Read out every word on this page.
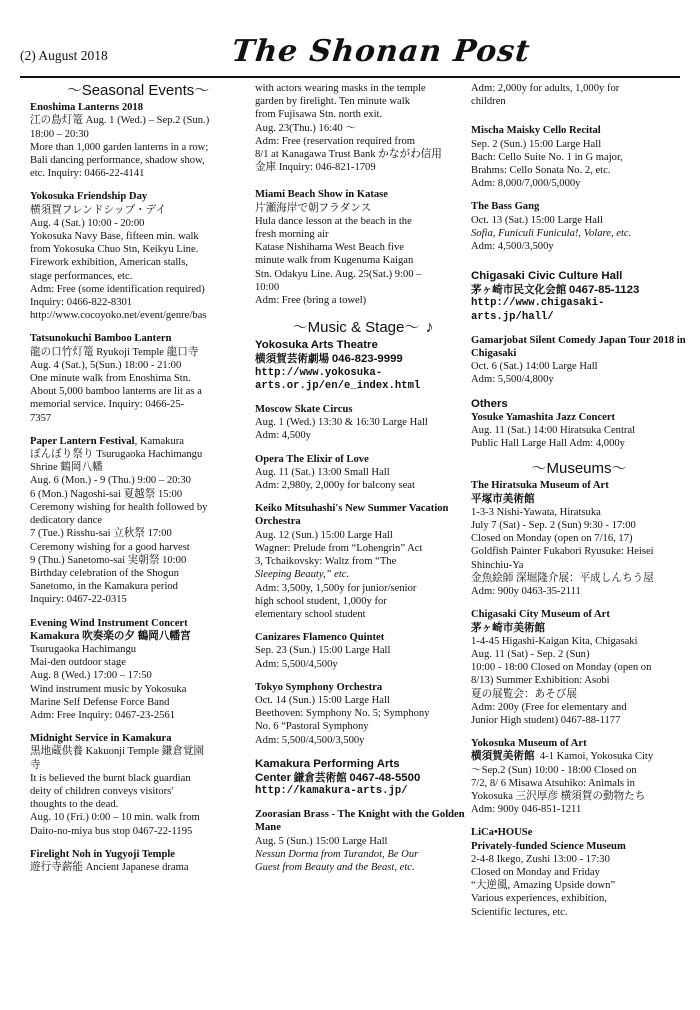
(2) August 2018	The Shonan Post
〜Seasonal Events〜
Enoshima Lanterns 2018
江の島灯篭 Aug. 1 (Wed.) – Sep.2 (Sun.)
18:00 – 20:30
More than 1,000 garden lanterns in a row;
Bali dancing performance, shadow show,
etc. Inquiry: 0466-22-4141
Yokosuka Friendship Day
横須賀フレンドシップ・デイ
Aug. 4 (Sat.) 10:00 - 20:00
Yokosuka Navy Base, fifteen min. walk
from Yokosuka Chuo Stn, Keikyu Line.
Firework exhibition, American stalls,
stage performances, etc.
Adm: Free (some identification required)
Inquiry: 0466-822-8301
http://www.cocoyoko.net/event/genre/bas
Tatsunokuchi Bamboo Lantern
龍の口竹灯篭 Ryukoji Temple 龍口寺
Aug. 4 (Sat.), 5(Sun.) 18:00 - 21:00
One minute walk from Enoshima Stn.
About 5,000 bamboo lanterns are lit as a
memorial service. Inquiry: 0466-25-
7357
Paper Lantern Festival, Kamakura
ぼんぼり祭り Tsurugaoka Hachimangu
Shrine 鶴岡八幡
Aug. 6 (Mon.) - 9 (Thu.) 9:00 – 20:30
6 (Mon.) Nagoshi-sai 夏越祭 15:00
Ceremony wishing for health followed by
dedicatory dance
7 (Tue.) Risshu-sai 立秋祭 17:00
Ceremony wishing for a good harvest
9 (Thu.) Sanetomo-sai 実朝祭 10:00
Birthday celebration of the Shogun
Sanetomo, in the Kamakura period
Inquiry: 0467-22-0315
Evening Wind Instrument Concert
Kamakura 吹奏楽の夕 鶴岡八幡宮
Tsurugaoka Hachimangu
Mai-den outdoor stage
Aug. 8 (Wed.) 17:00 – 17:50
Wind instrument music by Yokosuka
Marine Self Defense Force Band
Adm: Free Inquiry: 0467-23-2561
Midnight Service in Kamakura
黒地蔵供養 Kakuonji Temple 鎌倉覚園
寺
It is believed the burnt black guardian
deity of children conveys visitors'
thoughts to the dead.
Aug. 10 (Fri.) 0:00 – 10 min. walk from
Daito-no-miya bus stop 0467-22-1195
Firelight Noh in Yugyoji Temple
遊行寺薪能 Ancient Japanese drama
with actors wearing masks in the temple
garden by firelight. Ten minute walk
from Fujisawa Stn. north exit.
Aug. 23(Thu.) 16:40 〜
Adm: Free (reservation required from
8/1 at Kanagawa Trust Bank かながわ信用
金庫 Inquiry: 046-821-1709
Miami Beach Show in Katase
片瀬海岸で朝フラダンス
Hula dance lesson at the beach in the
fresh morning air
Katase Nishihama West Beach five
minute walk from Kugenuma Kaigan
Stn. Odakyu Line. Aug. 25(Sat.) 9:00 –
10:00
Adm: Free (bring a towel)
〜Music & Stage〜 ♪
Yokosuka Arts Theatre
横須賀芸術劇場 046-823-9999
http://www.yokosuka-
arts.or.jp/en/e_index.html
Moscow Skate Circus
Aug. 1 (Wed.) 13:30 & 16:30 Large Hall
Adm: 4,500y
Opera The Elixir of Love
Aug. 11 (Sat.) 13:00 Small Hall
Adm: 2,980y, 2,000y for balcony seat
Keiko Mitsuhashi's New Summer Vacation Orchestra
Aug. 12 (Sun.) 15:00 Large Hall
Wagner: Prelude from “Lohengrin” Act
3, Tchaikovsky: Waltz from “The
Sleeping Beauty,” etc.
Adm: 3,500y, 1,500y for junior/senior
high school student, 1,000y for
elementary school student
Canizares Flamenco Quintet
Sep. 23 (Sun.) 15:00 Large Hall
Adm: 5,500/4,500y
Tokyo Symphony Orchestra
Oct. 14 (Sun.) 15:00 Large Hall
Beethoven: Symphony No. 5; Symphony
No. 6 “Pastoral Symphony
Adm: 5,500/4,500/3,500y
Kamakura Performing Arts
Center 鎌倉芸術館 0467-48-5500
http://kamakura-arts.jp/
Zoorasian Brass - The Knight with the Golden Mane
Aug. 5 (Sun.) 15:00 Large Hall
Nessun Dorma from Turandot, Be Our
Guest from Beauty and the Beast, etc.
Adm: 2,000y for adults, 1,000y for
children
Mischa Maisky Cello Recital
Sep. 2 (Sun.) 15:00 Large Hall
Bach: Cello Suite No. 1 in G major,
Brahms: Cello Sonata No. 2, etc.
Adm: 8,000/7,000/5,000y
The Bass Gang
Oct. 13 (Sat.) 15:00 Large Hall
Sofia, Funiculi Funicula!, Volare, etc.
Adm: 4,500/3,500y
Chigasaki Civic Culture Hall
茅ヶ崎市民文化会館 0467-85-1123
http://www.chigasaki-
arts.jp/hall/
Gamarjobat Silent Comedy Japan Tour 2018 in Chigasaki
Oct. 6 (Sat.) 14:00 Large Hall
Adm: 5,500/4,800y
Others
Yosuke Yamashita Jazz Concert
Aug. 11 (Sat.) 14:00 Hiratsuka Central
Public Hall Large Hall Adm: 4,000y
〜Museums〜
The Hiratsuka Museum of Art
平塚市美術館
1-3-3 Nishi-Yawata, Hiratsuka
July 7 (Sat) - Sep. 2 (Sun) 9:30 - 17:00
Closed on Monday (open on 7/16, 17)
Goldfish Painter Fukabori Ryusuke: Heisei
Shinchiu-Ya
金魚絵師 深堀隆介展：平成しんちう屋
Adm: 900y 0463-35-2111
Chigasaki City Museum of Art
茅ヶ崎市美術館
1-4-45 Higashi-Kaigan Kita, Chigasaki
Aug. 11 (Sat) - Sep. 2 (Sun)
10:00 - 18:00 Closed on Monday (open on
8/13) Summer Exhibition: Asobi
夏の展覧会：あそび展
Adm: 200y (Free for elementary and
Junior High student) 0467-88-1177
Yokosuka Museum of Art
横須賀美術館 4-1 Kamoi, Yokosuka City
〜Sep.2 (Sun) 10:00 - 18:00 Closed on
7/2, 8/ 6 Misawa Atsuhiko: Animals in
Yokosuka 三沢厚彦 横須賀の動物たち
Adm: 900y 046-851-1211
LiCa•HOUSe
Privately-funded Science Museum
2-4-8 Ikego, Zushi 13:00 - 17:30
Closed on Monday and Friday
“大逆風, Amazing Upside down”
Various experiences, exhibition,
Scientific lectures, etc.
